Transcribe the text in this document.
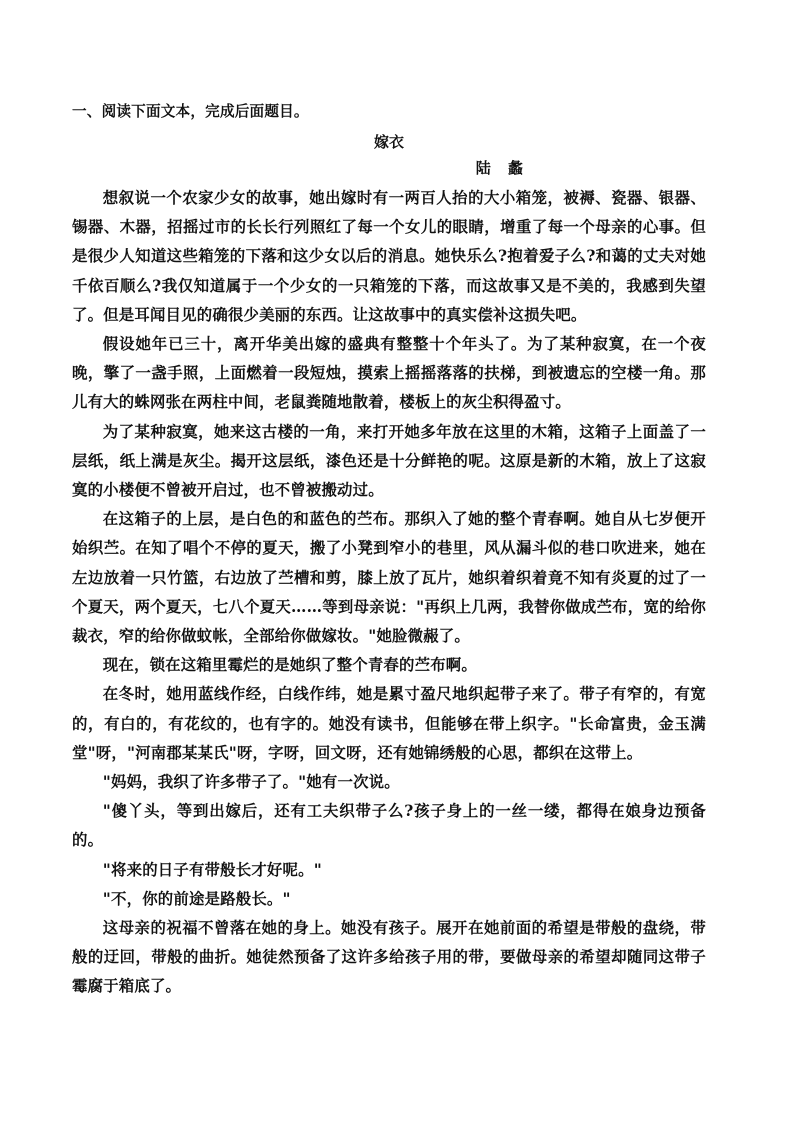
一、阅读下面文本，完成后面题目。
嫁衣
陆 蠡

想叙说一个农家少女的故事，她出嫁时有一两百人抬的大小箱笼，被褥、瓷器、银器、锡器、木器，招摇过市的长长行列照红了每一个女儿的眼睛，增重了每一个母亲的心事。但是很少人知道这些箱笼的下落和这少女以后的消息。她快乐么?抱着爱子么?和蔼的丈夫对她千依百顺么?我仅知道属于一个少女的一只箱笼的下落，而这故事又是不美的，我感到失望了。但是耳闻目见的确很少美丽的东西。让这故事中的真实偿补这损失吧。

假设她年已三十，离开华美出嫁的盛典有整整十个年头了。为了某种寂寞，在一个夜晚，擎了一盏手照，上面燃着一段短烛，摸索上摇摇落落的扶梯，到被遗忘的空楼一角。那儿有大的蛛网张在两柱中间，老鼠粪随地散着，楼板上的灰尘积得盈寸。

为了某种寂寞，她来这古楼的一角，来打开她多年放在这里的木箱，这箱子上面盖了一层纸，纸上满是灰尘。揭开这层纸，漆色还是十分鲜艳的呢。这原是新的木箱，放上了这寂寞的小楼便不曾被开启过，也不曾被搬动过。

在这箱子的上层，是白色的和蓝色的苎布。那织入了她的整个青春啊。她自从七岁便开始织苎。在知了唱个不停的夏天，搬了小凳到窄小的巷里，风从漏斗似的巷口吹进来，她在左边放着一只竹篮，右边放了苎槽和剪，膝上放了瓦片，她织着织着竟不知有炎夏的过了一个夏天，两个夏天，七八个夏天……等到母亲说："再织上几两，我替你做成苎布，宽的给你裁衣，窄的给你做蚊帐，全部给你做嫁妆。"她脸微赧了。

现在，锁在这箱里霉烂的是她织了整个青春的苎布啊。

在冬时，她用蓝线作经，白线作纬，她是累寸盈尺地织起带子来了。带子有窄的，有宽的，有白的，有花纹的，也有字的。她没有读书，但能够在带上织字。"长命富贵，金玉满堂"呀，"河南郡某某氏"呀，字呀，回文呀，还有她锦绣般的心思，都织在这带上。

"妈妈，我织了许多带子了。"她有一次说。

"傻丫头，等到出嫁后，还有工夫织带子么?孩子身上的一丝一缕，都得在娘身边预备的。

"将来的日子有带般长才好呢。"

"不，你的前途是路般长。"

这母亲的祝福不曾落在她的身上。她没有孩子。展开在她前面的希望是带般的盘绕，带般的迂回，带般的曲折。她徒然预备了这许多给孩子用的带，要做母亲的希望却随同这带子霉腐于箱底了。
